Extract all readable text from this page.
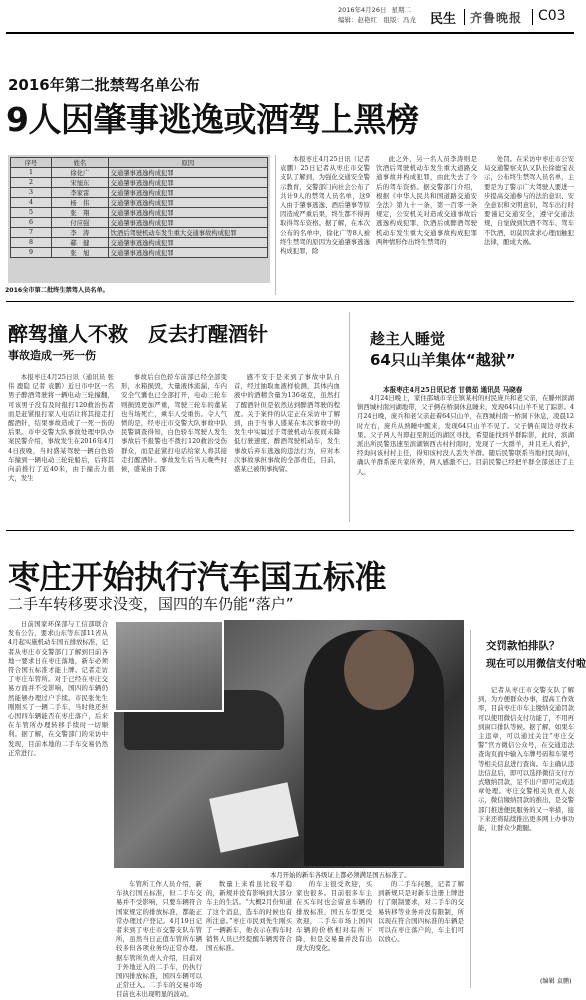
2016年4月26日 星期二
编辑：赵艳红　组版：冯龙	民生 齐鲁晚报 C03
2016年第二批禁驾名单公布
9人因肇事逃逸或酒驾上黑榜
序号	姓名	原因
1	徐化广	交通肇事逃逸构成犯罪
2	宋旭东	交通肇事逃逸构成犯罪
3	李家雷	交通肇事逃逸构成犯罪
4	杨　伟	交通肇事逃逸构成犯罪
5	张　翔	交通肇事逃逸构成犯罪
6	付应强	交通肇事逃逸构成犯罪
7	李　涛	饮酒后驾驶机动车发生重大交通事故构成犯罪
8	郗　健	交通肇事逃逸构成犯罪
9	张　旭	交通肇事逃逸构成犯罪
2016全市第二批终生禁驾人员名单。

本报枣庄4月25日讯（记者 袁鹏）25日记者从枣庄市交警支队了解到，为强化交通安全警示教育，交警部门向社会公布了共计9人的禁驾人员名单，这9人由于肇事逃逸、酒后肇事等原因造成严重后果，终生都不得再取得驾车资格。据了解，在本次公布的名单中，徐化广等8人被终生禁驾的原因为交通肇事逃逸构成犯罪，除

此之外，另一名人员李涛则是饮酒后驾驶机动车发生重大道路交通事故并构成犯罪，由此失去了今后的驾车资格。据交警部门介绍，根据《中华人民共和国道路交通安全法》第九十一条，第一百零一条规定，公安机关对造成交通事故后逃逸构成犯罪、饮酒后或醉酒驾驶机动车发生重大交通事故构成犯罪两种情形作出终生禁驾的

处罚。在采访中枣庄市公安局交通警察支队又队长徐德宝表示，公布终生禁驾人员名单，主要是为了警示广大驾驶人要进一步提高交通参与的法治意识、安全意识和文明意识，驾车出行时要谨记交通安全，遵守交通法规，自觉做到饮酒不驾车、驾车不饮酒，切莫因贪求心理而触犯法律，酿成大祸。

醉驾撞人不救　反去打醒酒针
事故造成一死一伤

本报枣庄4月25日讯（通讯员 张伟 鹿隐 记者 袁鹏）近日市中区一名男子醉酒驾驶将一辆电动三轮撞翻，可该男子没有及时报打120救治伤者而是赶紧报打家人电话让将其接走打醒酒针，结果事故造成了一死一伤的后果。市中交警大队事故处理中队办案民警介绍，事故发生在2016年4月4日夜晚，当时盛某驾驶一辆白色轿车撞到一辆电动三轮轮船后，后将其向前推行了近40米，由于撞击力很大，发生

事故后白色轿车前部已经全部变形，水箱损毁，大量液体流漏，车内安全气囊也已全部打开，电动三轮车则损毁更加严重，驾驶三轮车的董某也当场死亡，乘车人受重伤。令人气愤的是，经枣庄市交警大队事故中队民警调查得知，白色轿车驾驶人发生事故后不报警也不拨打120救治受伤群众，而是赶紧打电话给家人将其接走打醒酒针。事故发生后当天晚些时候，盛某由于深

感不安于是来到了事故中队自首，经过抽取血液样检测，其体内血液中的酒精含量为136毫克，虽然打了醒酒针但是依然达到醉酒驾驶的程度。关于案件的认定正在采访中了解到，由于当事人盛某在本次事故中的发生中实属过于驾驶机动车夜间未降低行驶速度、醉酒驾驶机动车，发生事故后弃车逃逸的违法行为，应对本次事故承担事故的全部责任，目前，盛某已被刑事拘留。

趁主人睡觉
64只山羊集体“越狱”
本报枣庄4月25日讯记者 甘倩茹 通讯员 马晓春

4月24日晚上，家住邵城市辛庄镇某村的村民庞兵和老父亲，在滕州滨湖镇西城村南河湖地带，父子俩在桥洞休息睡来，发现64只山羊不见了踪影。4月24日晚，庞兵和老父亲赶着64只山羊，在西城村南一桥洞下休息，凌晨12时左右，庞兵从熟睡中醒来，发现64只山羊不见了。父子俩在周边寻找未果。父子两人当即赶至附近的湖区寻找，希望能找到羊群踪影，此时，滨湖派出所民警迅速至滨湖镇西古村村南时，发现了一大群羊，并且无人看护，经询问该村村主任，得知该村没人丢失羊群。随后民警联系当地村民询问，确认羊群系庞兵家所养，两人感激不已。目前民警已经把羊群全部送还了主人。

枣庄开始执行汽车国五标准
二手车转移要求没变，国四的车仍能“落户”

日前国家环保部与工信部联合发布公告，要求山东等东部11省从4月起实施机动车国五排放标准，记者从枣庄市交警部门了解到目前各地一要求日在枣庄落地，新车必须符合国五标准才能上牌。记者走访了枣庄车管所。对于已经在枣庄交易方面并不受影响，国四的车辆仍然能够办理过户手续。市民张先生刚刚买了一辆二手车，当时他还担心国四车辆能否在枣庄落户，后来在车管所办理转移手续时一切顺利。据了解，在交警部门的采访中发现，目前本地的二手车交易仍然正常进行。

本月开始的新车各级证上都必须满足国五标准了。

车管所工作人员介绍，新车执行国五标准，但二手车交易并不受影响，只要车辆符合国家规定的排放标准，都能正常办理过户登记。4月19日记者来到了枣庄市交警支队车管所，虽然当日正值车管所车辆较多但各项业务均正常办理。据车管所负责人介绍，目前对于外地迁入的二手车，仍执行国四排放标准，国四车辆可以正常迁入。二手车的交易市场目前也未出现明显的波动。

数量上来看虽比较平稳的，新规并没有影响到大部分车主的生活。“大概2月份知道了这个消息，选车的时候也有所注意。”枣庄市民刘先生刚买了一辆新车，他表示在购车时销售人员已经提醒车辆需符合国五标准。

的车主很受欢迎，买家也很多。目前很多车主在买车时也会留意车辆的排放标准，国五车型更受欢迎，二手车市场上国四车辆的价格相对有所下降，但是交易量并没有出现大的变化。

的二手车问题，记者了解到新规只是对新车注册上牌进行了限制要求，对二手车的交易转移等业务并没有限制，所以现在符合国四标准的车辆是可以在枣庄落户的，车主们可以放心。

交罚款怕排队？
现在可以用微信支付啦

记者从枣庄市交警支队了解到，为方便群众办事，提高工作效率，目前枣庄市车主缴纳交通罚款可以使用微信支付功能了，不用再到窗口排队等候。据了解，如果车主违章，可以通过关注“枣庄交警”官方微信公众号，在交通违法查询页面中输入车牌号码和车架号等相关信息进行查询。车主确认违法信息后，即可以选择微信支付方式缴纳罚款，足不出户即可完成违章处理。枣庄交警相关负责人表示，微信缴纳罚款的推出，是交警部门推进便民服务的又一举措，接下来还将陆续推出更多网上办事功能，让群众少跑腿。

(编辑 袁鹏)
